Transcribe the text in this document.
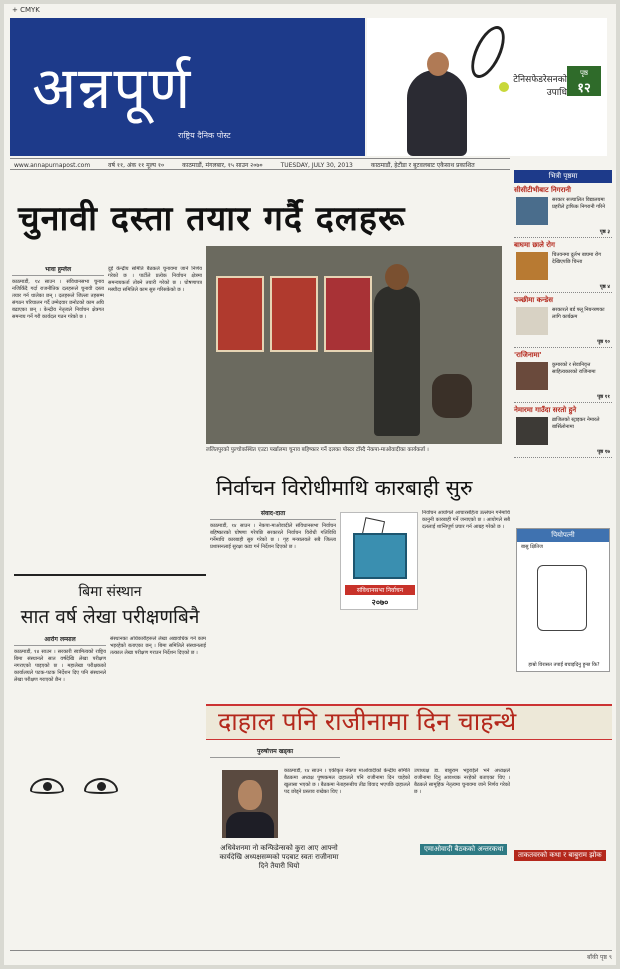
+ CMYK
अन्नपूर्ण
राष्ट्रिय दैनिक पोस्ट
टेनिसफेडरेसनको उपाधि
पृष्ठ
१२
www.annapurnapost.com	वर्ष ११, अंक ११ मूल्य १०	काठमाडौं, मंगलबार, १५ साउन २०७०	TUESDAY, JULY 30, 2013	काठमाडौं, हेटौंडा र बुटवलबाट एकैसाथ प्रकाशित
चुनावी दस्ता तयार गर्दै दलहरू
भावा हुम्लेल
काठमाडौं, १४ साउन । संविधानसभा चुनाव नजिकिँदै गर्दा राजनीतिक दलहरूले चुनावी दस्ता तयार गर्न थालेका छन् । दलहरूले जिल्ला तहसम्म संगठन परिचालन गर्दै उम्मेदवार छनोटको काम अघि बढाएका छन् । केन्द्रीय नेतृत्वले निर्वाचन क्षेत्रगत समन्वय गर्ने गरी कार्यदल गठन गरेको छ ।
दुई केन्द्रीय समिति बैठकले चुनावमा जाने निर्णय गरेको छ । पार्टीले प्रत्येक निर्वाचन क्षेत्रमा समन्वयकर्ता तोक्ने तयारी गरेको छ । घोषणापत्र मस्यौदा समितिले काम सुरु गरिसकेको छ ।
ललितपुरको पुल्चोकस्थित एउटा पर्खालमा चुनाव बहिष्कार गर्ने दलका पोस्टर टाँस्दै नेकपा-माओवादीका कार्यकर्ता ।
निर्वाचन विरोधीमाथि कारबाही सुरु
संवाद-दाता
काठमाडौं, १४ साउन । नेकपा-माओवादीले संविधानसभा निर्वाचन बहिष्कारको घोषणा गरेपछि सरकारले निर्वाचन विरोधी गतिविधि गर्नेमाथि कारबाही सुरु गरेको छ । गृह मन्त्रालयले सबै जिल्ला प्रशासनलाई सुरक्षा कडा गर्न निर्देशन दिएको छ ।
संविधानसभा निर्वाचन
२०७०
निर्वाचन आयोगले आचारसंहिता उल्लंघन गर्नेमाथि कानुनी कारबाही गर्ने जनाएको छ । आयोगले सबै दललाई शान्तिपूर्ण प्रचार गर्न आग्रह गरेको छ ।
बिमा संस्थान
सात वर्ष लेखा परीक्षणबिनै
आरोग लम्साल
काठमाडौं, १४ साउन । सरकारी स्वामित्वको राष्ट्रिय बिमा संस्थानले सात वर्षदेखि लेखा परीक्षण नगराएको पाइएको छ । महालेखा परीक्षकको कार्यालयले पटक-पटक निर्देशन दिए पनि संस्थानले लेखा परीक्षण गराएको छैन ।
संस्थानका अधिकारीहरूले लेखा अद्यावधिक गर्ने काम भइरहेको बताएका छन् । बिमा समितिले संस्थानलाई तत्काल लेखा परीक्षण गराउन निर्देशन दिएको छ ।
दाहाल पनि राजीनामा दिन चाहन्थे
पुरुषोत्तम खड्का
अधिवेशनमा नो कन्फिडेन्सको कुरा आए आफ्नो कार्यदेखि अध्यक्षसम्मको पदबाट स्वतः राजीनामा दिने तैयारी थियो
काठमाडौं, १४ साउन । एकीकृत नेकपा माओवादीको केन्द्रीय समिति बैठकमा अध्यक्ष पुष्पकमल दाहालले पनि राजीनामा दिन चाहेको खुलासा भएको छ । बैठकमा नेताहरूबीच तीव्र विवाद भएपछि दाहालले पद छोड्ने प्रस्ताव राखेका थिए ।
एमाओवादी बैठकको अन्तरकथा
उपाध्यक्ष डा. बाबुराम भट्टराईले भने अध्यक्षले राजीनामा दिनु आवश्यक नरहेको बताएका थिए । बैठकले सामूहिक नेतृत्वमा चुनावमा जाने निर्णय गरेको छ ।
ताकतवरको कथा र बाबुराम झोक
भित्री पृष्ठमा
सीसीटीभीबाट निगरानी
सरकार सञ्चालित विद्यालयमा प्रहरीले ट्राफिक निगरानी गरिने
पृष्ठ ३
बाघमा छाले रोग
चितवनमा दुर्लभ बाघमा रोग देखिएपछि चिन्ता
पृष्ठ ४
पञ्छीमा कन्डेस
सरकारले बर्ड फ्लू नियन्त्रणका लागि कार्यक्रम
पृष्ठ १०
'राजिनामा'
कुमारको र सेवानिवृत्त साहित्यकारको राजिनामा
पृष्ठ ११
नेमारमा गाउँदा सरतो हुने
ब्राजिलको स्ट्राइकर नेमारले बार्सिलोनामा
पृष्ठ १७
पियोपत्नी
बासु क्षितिज
हाम्रो विरासत तपाईं बचाइदिनु हुन्छ कि?
बाँकी पृष्ठ ९
